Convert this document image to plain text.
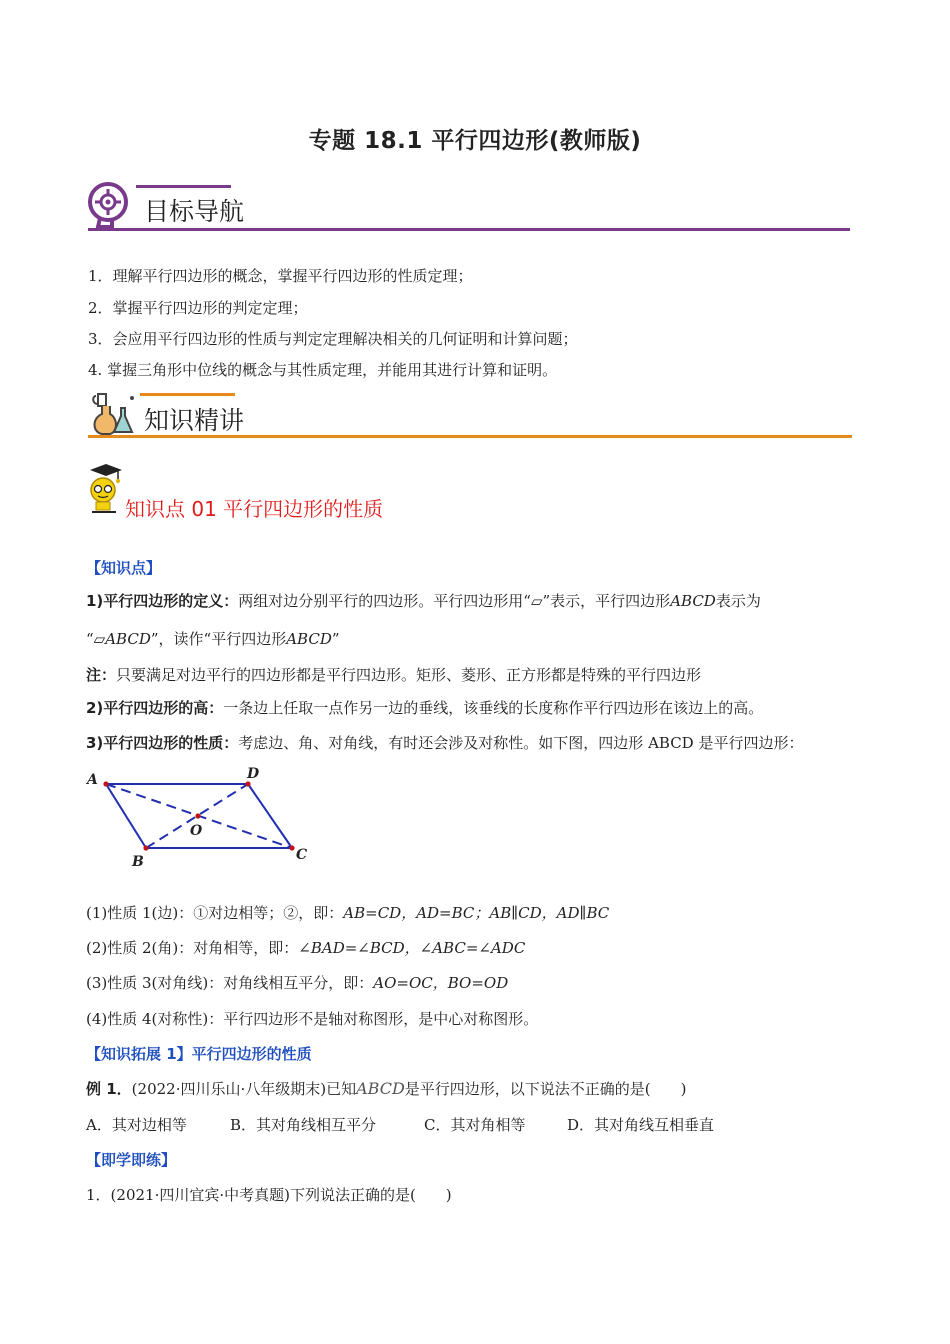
专题 18.1 平行四边形(教师版)
目标导航
1．理解平行四边形的概念，掌握平行四边形的性质定理；
2．掌握平行四边形的判定定理；
3．会应用平行四边形的性质与判定定理解决相关的几何证明和计算问题；
4. 掌握三角形中位线的概念与其性质定理，并能用其进行计算和证明。
知识精讲
知识点 01 平行四边形的性质
【知识点】
1)平行四边形的定义：两组对边分别平行的四边形。平行四边形用“▱”表示，平行四边形ABCD表示为
“▱ABCD”，读作“平行四边形ABCD”
注：只要满足对边平行的四边形都是平行四边形。矩形、菱形、正方形都是特殊的平行四边形
2)平行四边形的高：一条边上任取一点作另一边的垂线，该垂线的长度称作平行四边形在该边上的高。
3)平行四边形的性质：考虑边、角、对角线，有时还会涉及对称性。如下图，四边形 ABCD 是平行四边形：
A
B	C
D
O
(1)性质 1(边)：①对边相等；②，即：AB=CD，AD=BC；AB∥CD，AD∥BC
(2)性质 2(角)：对角相等，即：∠BAD=∠BCD，∠ABC=∠ADC
(3)性质 3(对角线)：对角线相互平分，即：AO=OC，BO=OD
(4)性质 4(对称性)：平行四边形不是轴对称图形，是中心对称图形。
【知识拓展 1】平行四边形的性质
例 1．(2022·四川乐山·八年级期末)已知ABCD是平行四边形，以下说法不正确的是(　　)
A．其对边相等	B．其对角线相互平分	C．其对角相等	D．其对角线互相垂直
【即学即练】
1．(2021·四川宜宾·中考真题)下列说法正确的是(　　)
